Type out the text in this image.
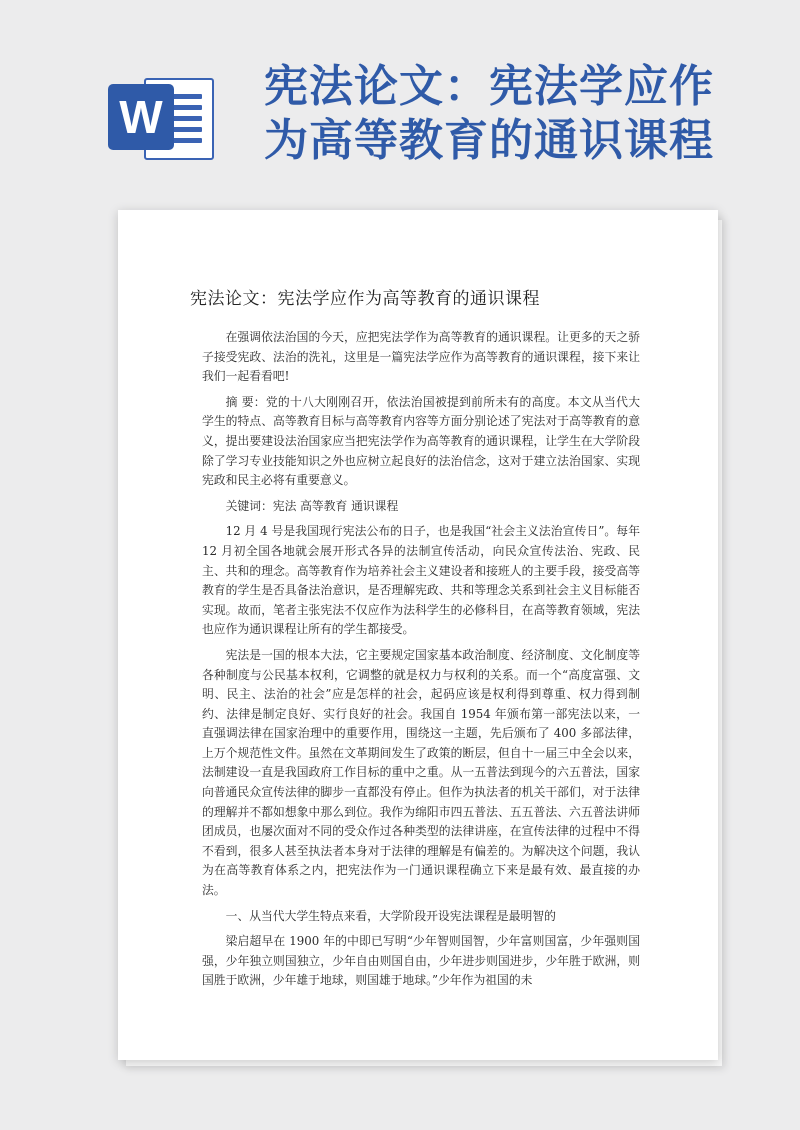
W
宪法论文：宪法学应作为高等教育的通识课程
宪法论文：宪法学应作为高等教育的通识课程

在强调依法治国的今天，应把宪法学作为高等教育的通识课程。让更多的天之骄子接受宪政、法治的洗礼，这里是一篇宪法学应作为高等教育的通识课程，接下来让我们一起看看吧!

摘 要：党的十八大刚刚召开，依法治国被提到前所未有的高度。本文从当代大学生的特点、高等教育目标与高等教育内容等方面分别论述了宪法对于高等教育的意义，提出要建设法治国家应当把宪法学作为高等教育的通识课程，让学生在大学阶段除了学习专业技能知识之外也应树立起良好的法治信念，这对于建立法治国家、实现宪政和民主必将有重要意义。

关键词：宪法 高等教育 通识课程

12 月 4 号是我国现行宪法公布的日子，也是我国“社会主义法治宣传日”。每年 12 月初全国各地就会展开形式各异的法制宣传活动，向民众宣传法治、宪政、民主、共和的理念。高等教育作为培养社会主义建设者和接班人的主要手段，接受高等教育的学生是否具备法治意识，是否理解宪政、共和等理念关系到社会主义目标能否实现。故而，笔者主张宪法不仅应作为法科学生的必修科目，在高等教育领域，宪法也应作为通识课程让所有的学生都接受。

宪法是一国的根本大法，它主要规定国家基本政治制度、经济制度、文化制度等各种制度与公民基本权利，它调整的就是权力与权利的关系。而一个“高度富强、文明、民主、法治的社会”应是怎样的社会，起码应该是权利得到尊重、权力得到制约、法律是制定良好、实行良好的社会。我国自 1954 年颁布第一部宪法以来，一直强调法律在国家治理中的重要作用，围绕这一主题，先后颁布了 400 多部法律，上万个规范性文件。虽然在文革期间发生了政策的断层，但自十一届三中全会以来，法制建设一直是我国政府工作目标的重中之重。从一五普法到现今的六五普法，国家向普通民众宣传法律的脚步一直都没有停止。但作为执法者的机关干部们，对于法律的理解并不都如想象中那么到位。我作为绵阳市四五普法、五五普法、六五普法讲师团成员，也屡次面对不同的受众作过各种类型的法律讲座，在宣传法律的过程中不得不看到，很多人甚至执法者本身对于法律的理解是有偏差的。为解决这个问题，我认为在高等教育体系之内，把宪法作为一门通识课程确立下来是最有效、最直接的办法。

一、从当代大学生特点来看，大学阶段开设宪法课程是最明智的

梁启超早在 1900 年的中即已写明“少年智则国智，少年富则国富，少年强则国强，少年独立则国独立，少年自由则国自由，少年进步则国进步，少年胜于欧洲，则国胜于欧洲，少年雄于地球，则国雄于地球。”少年作为祖国的未
